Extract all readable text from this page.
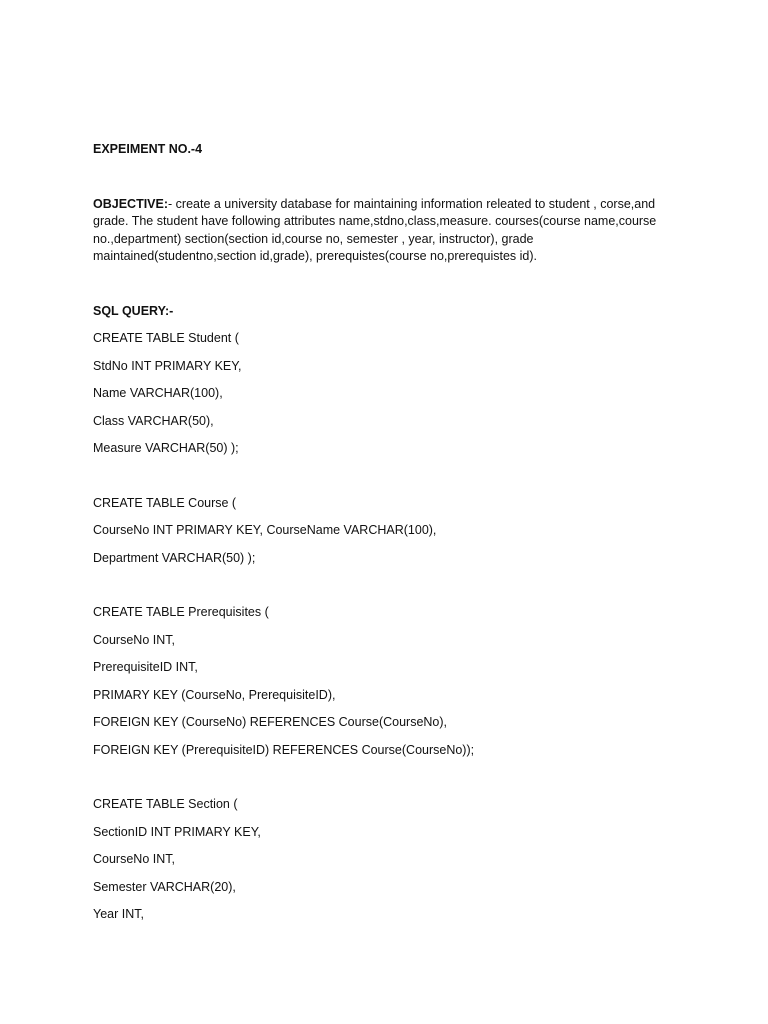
EXPEIMENT NO.-4

OBJECTIVE:- create a university database for maintaining information releated to student , corse,and grade. The student have following attributes name,stdno,class,measure. courses(course name,course no.,department) section(section id,course no, semester , year, instructor), grade maintained(studentno,section id,grade), prerequistes(course no,prerequistes id).

SQL QUERY:-

CREATE TABLE Student (

StdNo INT PRIMARY KEY,

Name VARCHAR(100),

Class VARCHAR(50),

Measure VARCHAR(50) );

CREATE TABLE Course (

CourseNo INT PRIMARY KEY, CourseName VARCHAR(100),

Department VARCHAR(50) );

CREATE TABLE Prerequisites (

CourseNo INT,

PrerequisiteID INT,

PRIMARY KEY (CourseNo, PrerequisiteID),

FOREIGN KEY (CourseNo) REFERENCES Course(CourseNo),

FOREIGN KEY (PrerequisiteID) REFERENCES Course(CourseNo));

CREATE TABLE Section (

SectionID INT PRIMARY KEY,

CourseNo INT,

Semester VARCHAR(20),

Year INT,
